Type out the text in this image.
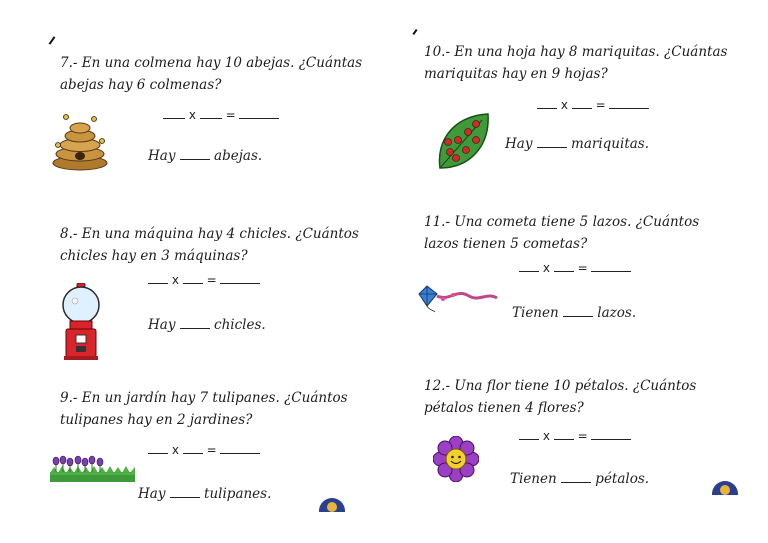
7.- En una colmena hay 10 abejas. ¿Cuántas
abejas hay 6 colmenas?
x =
Hay	abejas.
8.- En una máquina hay 4 chicles. ¿Cuántos
chicles hay en 3 máquinas?
x =
Hay	chicles.
9.- En un jardín hay 7 tulipanes. ¿Cuántos
tulipanes hay en 2 jardines?
x =
Hay	tulipanes.
10.- En una hoja hay 8 mariquitas. ¿Cuántas
mariquitas hay en 9 hojas?
x =
Hay	mariquitas.
11.- Una cometa tiene 5 lazos. ¿Cuántos
lazos tienen 5 cometas?
x =
Tienen	lazos.
12.- Una flor tiene 10 pétalos. ¿Cuántos
pétalos tienen 4 flores?
x =
Tienen	pétalos.
